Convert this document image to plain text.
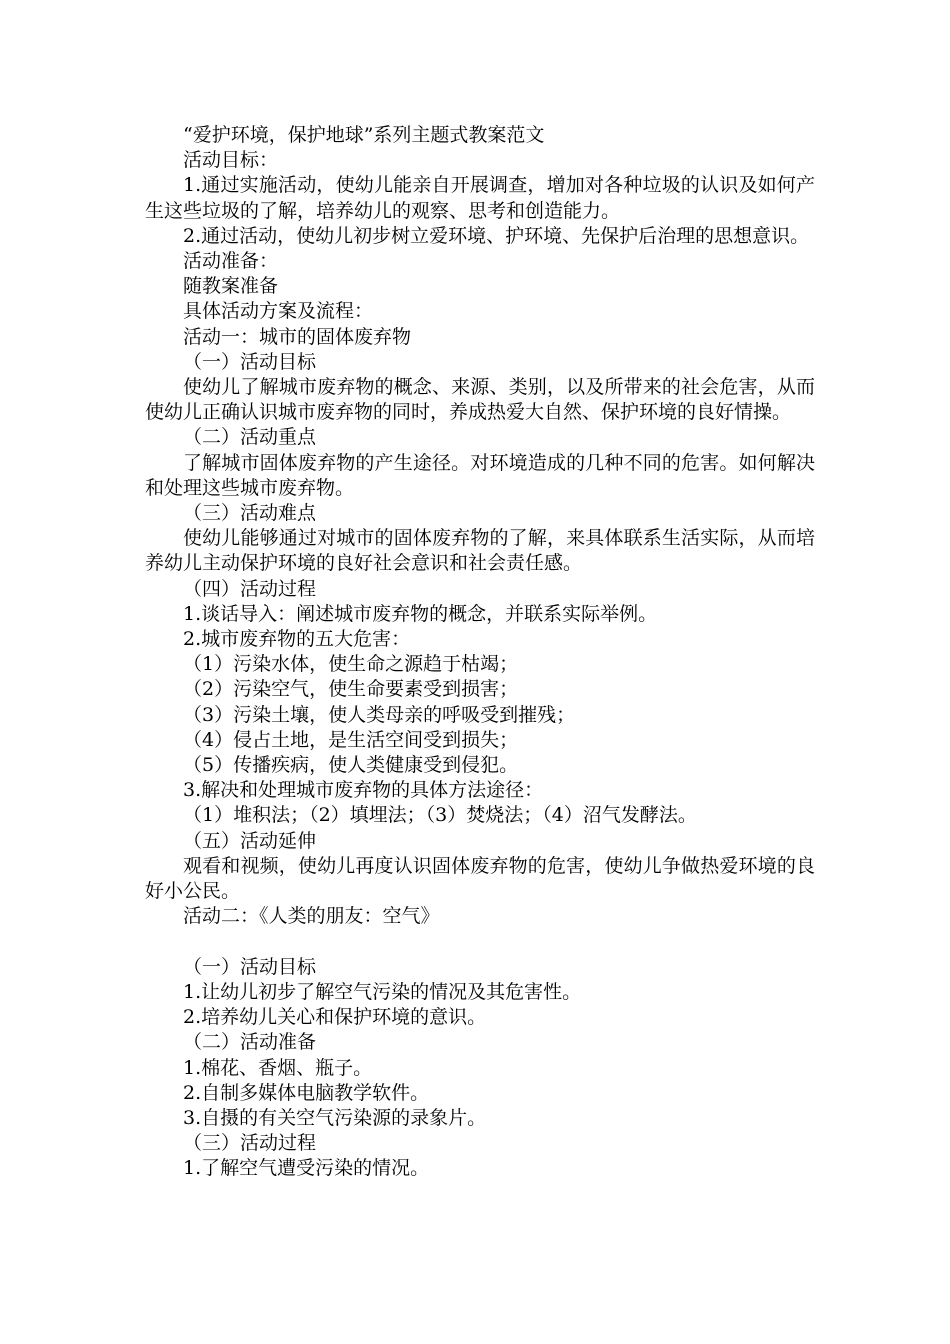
“爱护环境，保护地球”系列主题式教案范文

活动目标：

1.通过实施活动，使幼儿能亲自开展调查，增加对各种垃圾的认识及如何产生这些垃圾的了解，培养幼儿的观察、思考和创造能力。

2.通过活动，使幼儿初步树立爱环境、护环境、先保护后治理的思想意识。

活动准备：

随教案准备

具体活动方案及流程：

活动一：城市的固体废弃物

（一）活动目标

使幼儿了解城市废弃物的概念、来源、类别，以及所带来的社会危害，从而使幼儿正确认识城市废弃物的同时，养成热爱大自然、保护环境的良好情操。

（二）活动重点

了解城市固体废弃物的产生途径。对环境造成的几种不同的危害。如何解决和处理这些城市废弃物。

（三）活动难点

使幼儿能够通过对城市的固体废弃物的了解，来具体联系生活实际，从而培养幼儿主动保护环境的良好社会意识和社会责任感。

（四）活动过程

1.谈话导入：阐述城市废弃物的概念，并联系实际举例。

2.城市废弃物的五大危害：

（1）污染水体，使生命之源趋于枯竭；

（2）污染空气，使生命要素受到损害；

（3）污染土壤，使人类母亲的呼吸受到摧残；

（4）侵占土地，是生活空间受到损失；

（5）传播疾病，使人类健康受到侵犯。

3.解决和处理城市废弃物的具体方法途径：

（1）堆积法；（2）填埋法；（3）焚烧法；（4）沼气发酵法。

（五）活动延伸

观看和视频，使幼儿再度认识固体废弃物的危害，使幼儿争做热爱环境的良好小公民。

活动二：《人类的朋友：空气》

（一）活动目标

1.让幼儿初步了解空气污染的情况及其危害性。

2.培养幼儿关心和保护环境的意识。

（二）活动准备

1.棉花、香烟、瓶子。

2.自制多媒体电脑教学软件。

3.自摄的有关空气污染源的录象片。

（三）活动过程

1.了解空气遭受污染的情况。
